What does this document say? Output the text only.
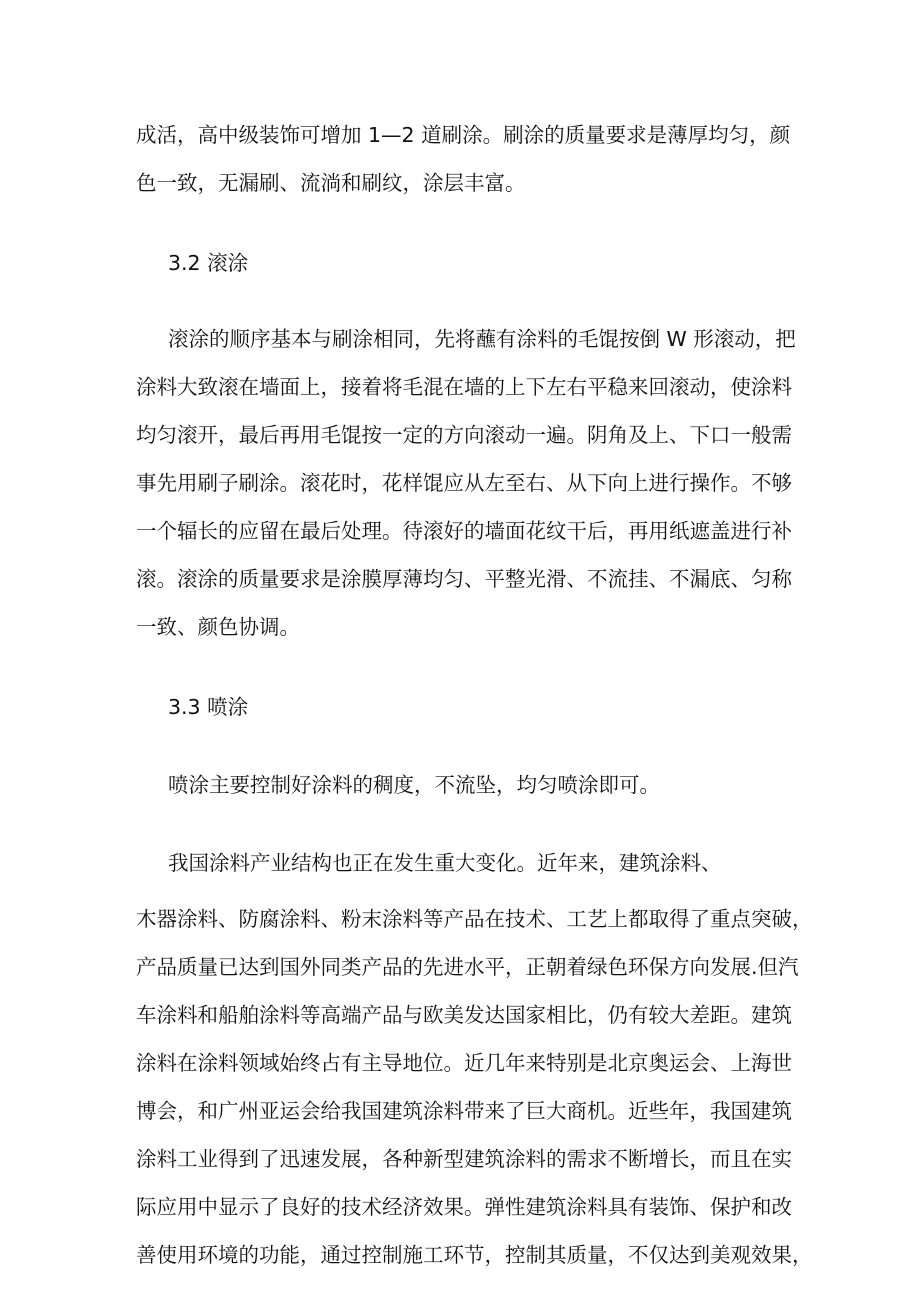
成活，高中级装饰可增加 1—2 道刷涂。刷涂的质量要求是薄厚均匀，颜
色一致，无漏刷、流淌和刷纹，涂层丰富。
3.2 滚涂
滚涂的顺序基本与刷涂相同，先将蘸有涂料的毛馄按倒 W 形滚动，把
涂料大致滚在墙面上，接着将毛混在墙的上下左右平稳来回滚动，使涂料
均匀滚开，最后再用毛馄按一定的方向滚动一遍。阴角及上、下口一般需
事先用刷子刷涂。滚花时，花样馄应从左至右、从下向上进行操作。不够
一个辐长的应留在最后处理。待滚好的墙面花纹干后，再用纸遮盖进行补
滚。滚涂的质量要求是涂膜厚薄均匀、平整光滑、不流挂、不漏底、匀称
一致、颜色协调。
3.3 喷涂
喷涂主要控制好涂料的稠度，不流坠，均匀喷涂即可。
我国涂料产业结构也正在发生重大变化。近年来，建筑涂料、
木器涂料、防腐涂料、粉末涂料等产品在技术、工艺上都取得了重点突破，
产品质量已达到国外同类产品的先进水平，正朝着绿色环保方向发展.但汽
车涂料和船舶涂料等高端产品与欧美发达国家相比，仍有较大差距。建筑
涂料在涂料领域始终占有主导地位。近几年来特别是北京奥运会、上海世
博会，和广州亚运会给我国建筑涂料带来了巨大商机。近些年，我国建筑
涂料工业得到了迅速发展，各种新型建筑涂料的需求不断增长，而且在实
际应用中显示了良好的技术经济效果。弹性建筑涂料具有装饰、保护和改
善使用环境的功能，通过控制施工环节，控制其质量，不仅达到美观效果，
